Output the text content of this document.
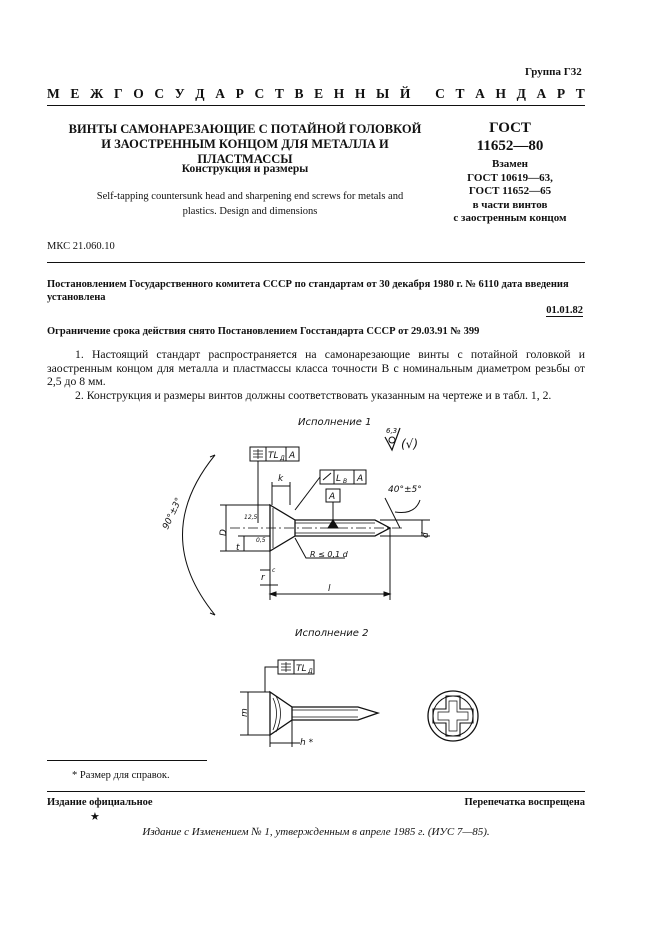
Группа Г32
М Е Ж Г О С У Д А Р С Т В Е Н Н Ы Й
С Т А Н Д А Р Т
ВИНТЫ САМОНАРЕЗАЮЩИЕ С ПОТАЙНОЙ ГОЛОВКОЙ
И ЗАОСТРЕННЫМ КОНЦОМ ДЛЯ МЕТАЛЛА И ПЛАСТМАССЫ
Конструкция и размеры
Self-tapping countersunk head and sharpening end screws for metals and
plastics. Design and dimensions
ГОСТ
11652—80
Взамен
ГОСТ 10619—63,
ГОСТ 11652—65
в части винтов
с заостренным концом
МКС 21.060.10
Постановлением Государственного комитета СССР по стандартам от 30 декабря 1980 г. № 6110 дата введения установлена
01.01.82
Ограничение срока действия снято Постановлением Госстандарта СССР от 29.03.91 № 399
1. Настоящий стандарт распространяется на самонарезающие винты с потайной головкой и заостренным концом для металла и пластмассы класса точности В с номинальным диаметром резьбы от 2,5 до 8 мм.
2. Конструкция и размеры винтов должны соответствовать указанным на чертеже и в табл. 1, 2.
Исполнение 1
6,3
(√)
90°±3°
TL Д A
L В A
A
k
40°±5°
d
D
12,5
0,5
t
R ≤ 0,1 d
l
r
c
Исполнение 2
TL Д
m
h *
* Размер для справок.
Издание официальное	Перепечатка воспрещена
★
Издание с Изменением № 1, утвержденным в апреле 1985 г. (ИУС 7—85).
